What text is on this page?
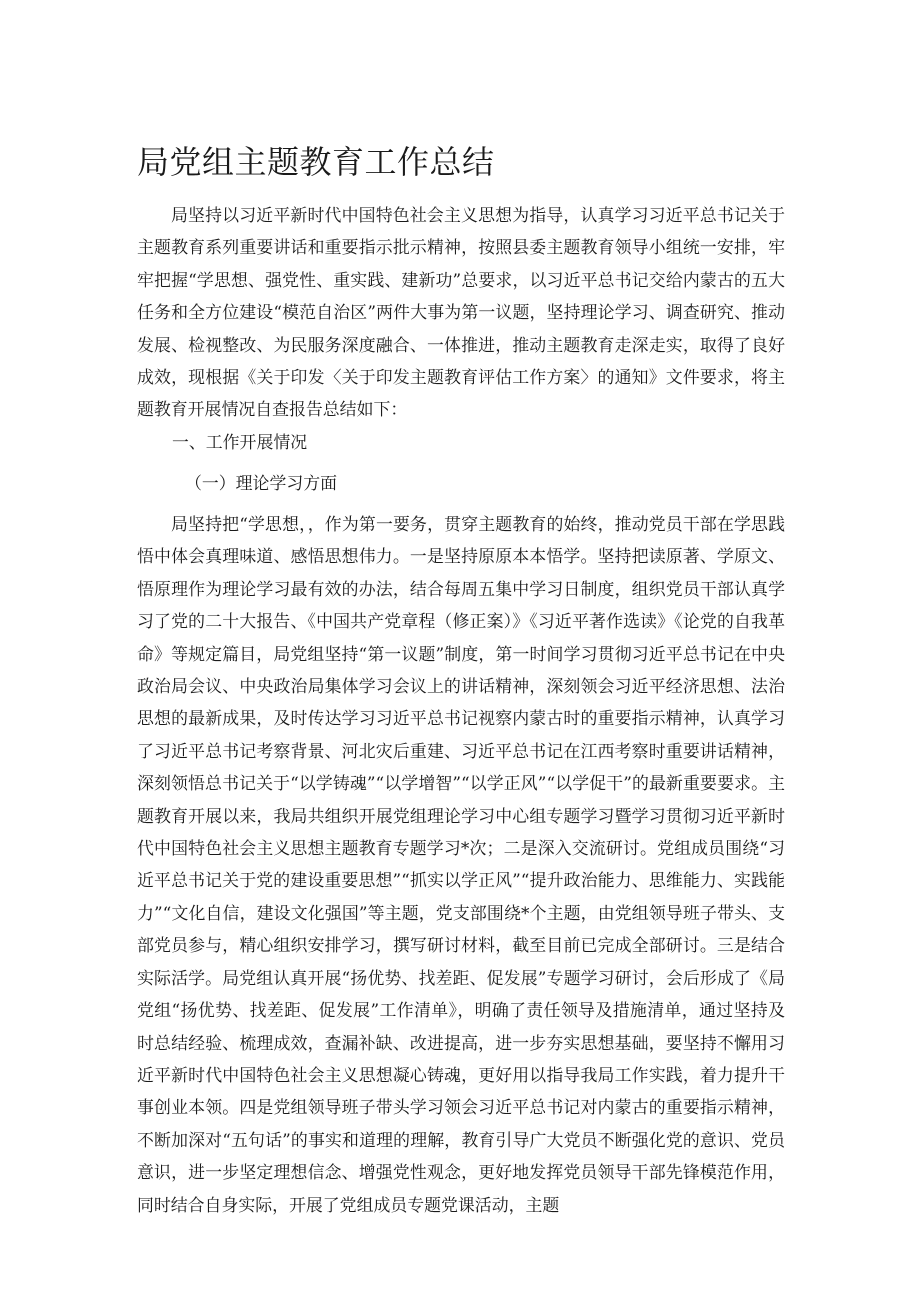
局党组主题教育工作总结

局坚持以习近平新时代中国特色社会主义思想为指导，认真学习习近平总书记关于主题教育系列重要讲话和重要指示批示精神，按照县委主题教育领导小组统一安排，牢牢把握“学思想、强党性、重实践、建新功”总要求，以习近平总书记交给内蒙古的五大任务和全方位建设“模范自治区”两件大事为第一议题，坚持理论学习、调查研究、推动发展、检视整改、为民服务深度融合、一体推进，推动主题教育走深走实，取得了良好成效，现根据《关于印发〈关于印发主题教育评估工作方案〉的通知》文件要求，将主题教育开展情况自查报告总结如下：

一、工作开展情况
（一）理论学习方面

局坚持把“学思想，，作为第一要务，贯穿主题教育的始终，推动党员干部在学思践悟中体会真理味道、感悟思想伟力。一是坚持原原本本悟学。坚持把读原著、学原文、悟原理作为理论学习最有效的办法，结合每周五集中学习日制度，组织党员干部认真学习了党的二十大报告、《中国共产党章程（修正案）》《习近平著作选读》《论党的自我革命》等规定篇目，局党组坚持“第一议题”制度，第一时间学习贯彻习近平总书记在中央政治局会议、中央政治局集体学习会议上的讲话精神，深刻领会习近平经济思想、法治思想的最新成果，及时传达学习习近平总书记视察内蒙古时的重要指示精神，认真学习了习近平总书记考察背景、河北灾后重建、习近平总书记在江西考察时重要讲话精神，深刻领悟总书记关于“以学铸魂”“以学增智”“以学正风”“以学促干”的最新重要要求。主题教育开展以来，我局共组织开展党组理论学习中心组专题学习暨学习贯彻习近平新时代中国特色社会主义思想主题教育专题学习*次；二是深入交流研讨。党组成员围绕“习近平总书记关于党的建设重要思想”“抓实以学正风”“提升政治能力、思维能力、实践能力”“文化自信，建设文化强国”等主题，党支部围绕*个主题，由党组领导班子带头、支部党员参与，精心组织安排学习，撰写研讨材料，截至目前已完成全部研讨。三是结合实际活学。局党组认真开展“扬优势、找差距、促发展”专题学习研讨，会后形成了《局党组“扬优势、找差距、促发展”工作清单》，明确了责任领导及措施清单，通过坚持及时总结经验、梳理成效，查漏补缺、改进提高，进一步夯实思想基础，要坚持不懈用习近平新时代中国特色社会主义思想凝心铸魂，更好用以指导我局工作实践，着力提升干事创业本领。四是党组领导班子带头学习领会习近平总书记对内蒙古的重要指示精神，不断加深对“五句话”的事实和道理的理解，教育引导广大党员不断强化党的意识、党员意识，进一步坚定理想信念、增强党性观念，更好地发挥党员领导干部先锋模范作用，同时结合自身实际，开展了党组成员专题党课活动，主题
